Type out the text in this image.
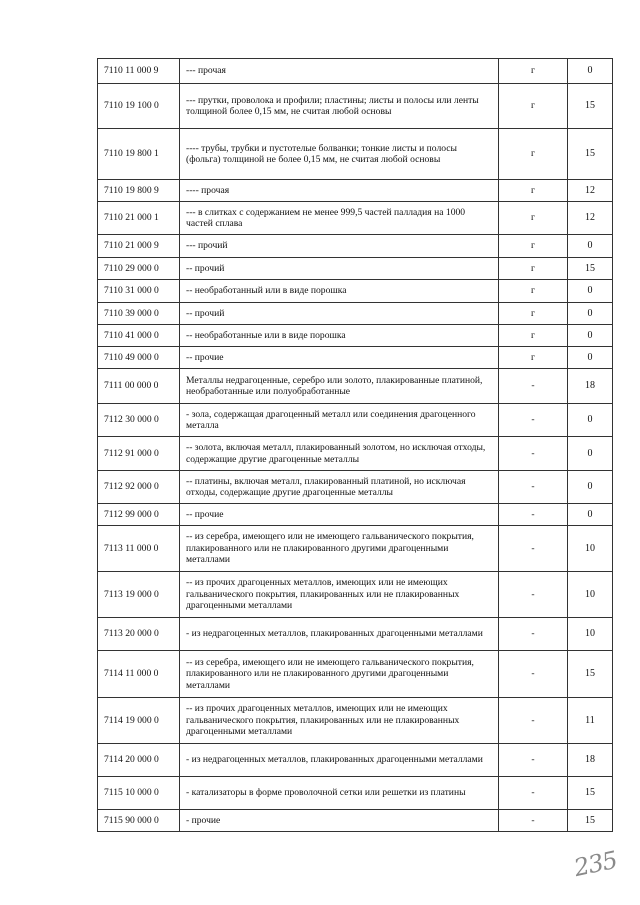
7110 11 000 9	--- прочая	г	0
7110 19 100 0	--- прутки, проволока и профили; пластины; листы и полосы или ленты толщиной более 0,15 мм, не считая любой основы	г	15
7110 19 800 1	---- трубы, трубки и пустотелые болванки; тонкие листы и полосы (фольга) толщиной не более 0,15 мм, не считая любой основы	г	15
7110 19 800 9	---- прочая	г	12
7110 21 000 1	--- в слитках с содержанием не менее 999,5 частей палладия на 1000 частей сплава	г	12
7110 21 000 9	--- прочий	г	0
7110 29 000 0	-- прочий	г	15
7110 31 000 0	-- необработанный или в виде порошка	г	0
7110 39 000 0	-- прочий	г	0
7110 41 000 0	-- необработанные или в виде порошка	г	0
7110 49 000 0	-- прочие	г	0
7111 00 000 0	Металлы недрагоценные, серебро или золото, плакированные платиной, необработанные или полуобработанные	-	18
7112 30 000 0	- зола, содержащая драгоценный металл или соединения драгоценного металла	-	0
7112 91 000 0	-- золота, включая металл, плакированный золотом, но исключая отходы, содержащие другие драгоценные металлы	-	0
7112 92 000 0	-- платины, включая металл, плакированный платиной, но исключая отходы, содержащие другие драгоценные металлы	-	0
7112 99 000 0	-- прочие	-	0
7113 11 000 0	-- из серебра, имеющего или не имеющего гальванического покрытия, плакированного или не плакированного другими драгоценными металлами	-	10
7113 19 000 0	-- из прочих драгоценных металлов, имеющих или не имеющих гальванического покрытия, плакированных или не плакированных драгоценными металлами	-	10
7113 20 000 0	- из недрагоценных металлов, плакированных драгоценными металлами	-	10
7114 11 000 0	-- из серебра, имеющего или не имеющего гальванического покрытия, плакированного или не плакированного другими драгоценными металлами	-	15
7114 19 000 0	-- из прочих драгоценных металлов, имеющих или не имеющих гальванического покрытия, плакированных или не плакированных драгоценными металлами	-	11
7114 20 000 0	- из недрагоценных металлов, плакированных драгоценными металлами	-	18
7115 10 000 0	- катализаторы в форме проволочной сетки или решетки из платины	-	15
7115 90 000 0	- прочие	-	15
235
